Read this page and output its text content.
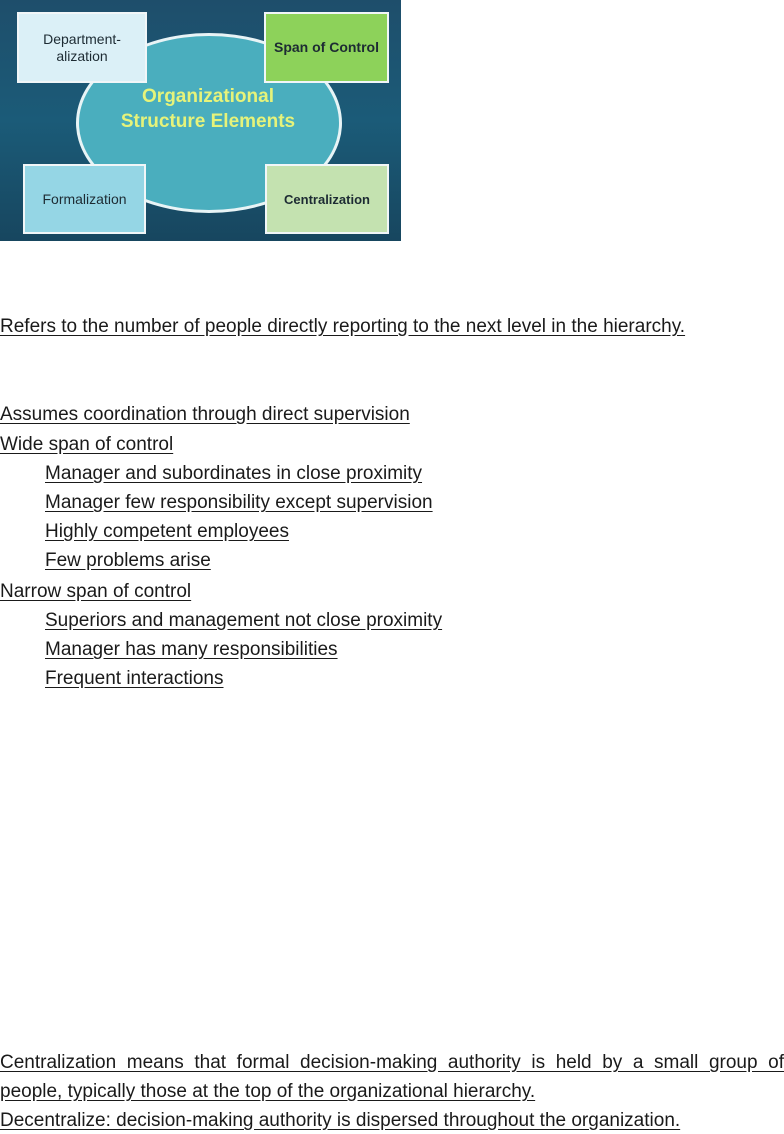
Organizational Structure Elements
Department-alization
Span of Control
Formalization	Centralization

Refers to the number of people directly reporting to the next level in the hierarchy.

Assumes coordination through direct supervision

Wide span of control

Manager and subordinates in close proximity

Manager few responsibility except supervision

Highly competent employees

Few problems arise

Narrow span of control

Superiors and management not close proximity

Manager has many responsibilities

Frequent interactions

Centralization means that formal decision-making authority is held by a small group of people, typically those at the top of the organizational hierarchy.

Decentralize: decision-making authority is dispersed throughout the organization.
